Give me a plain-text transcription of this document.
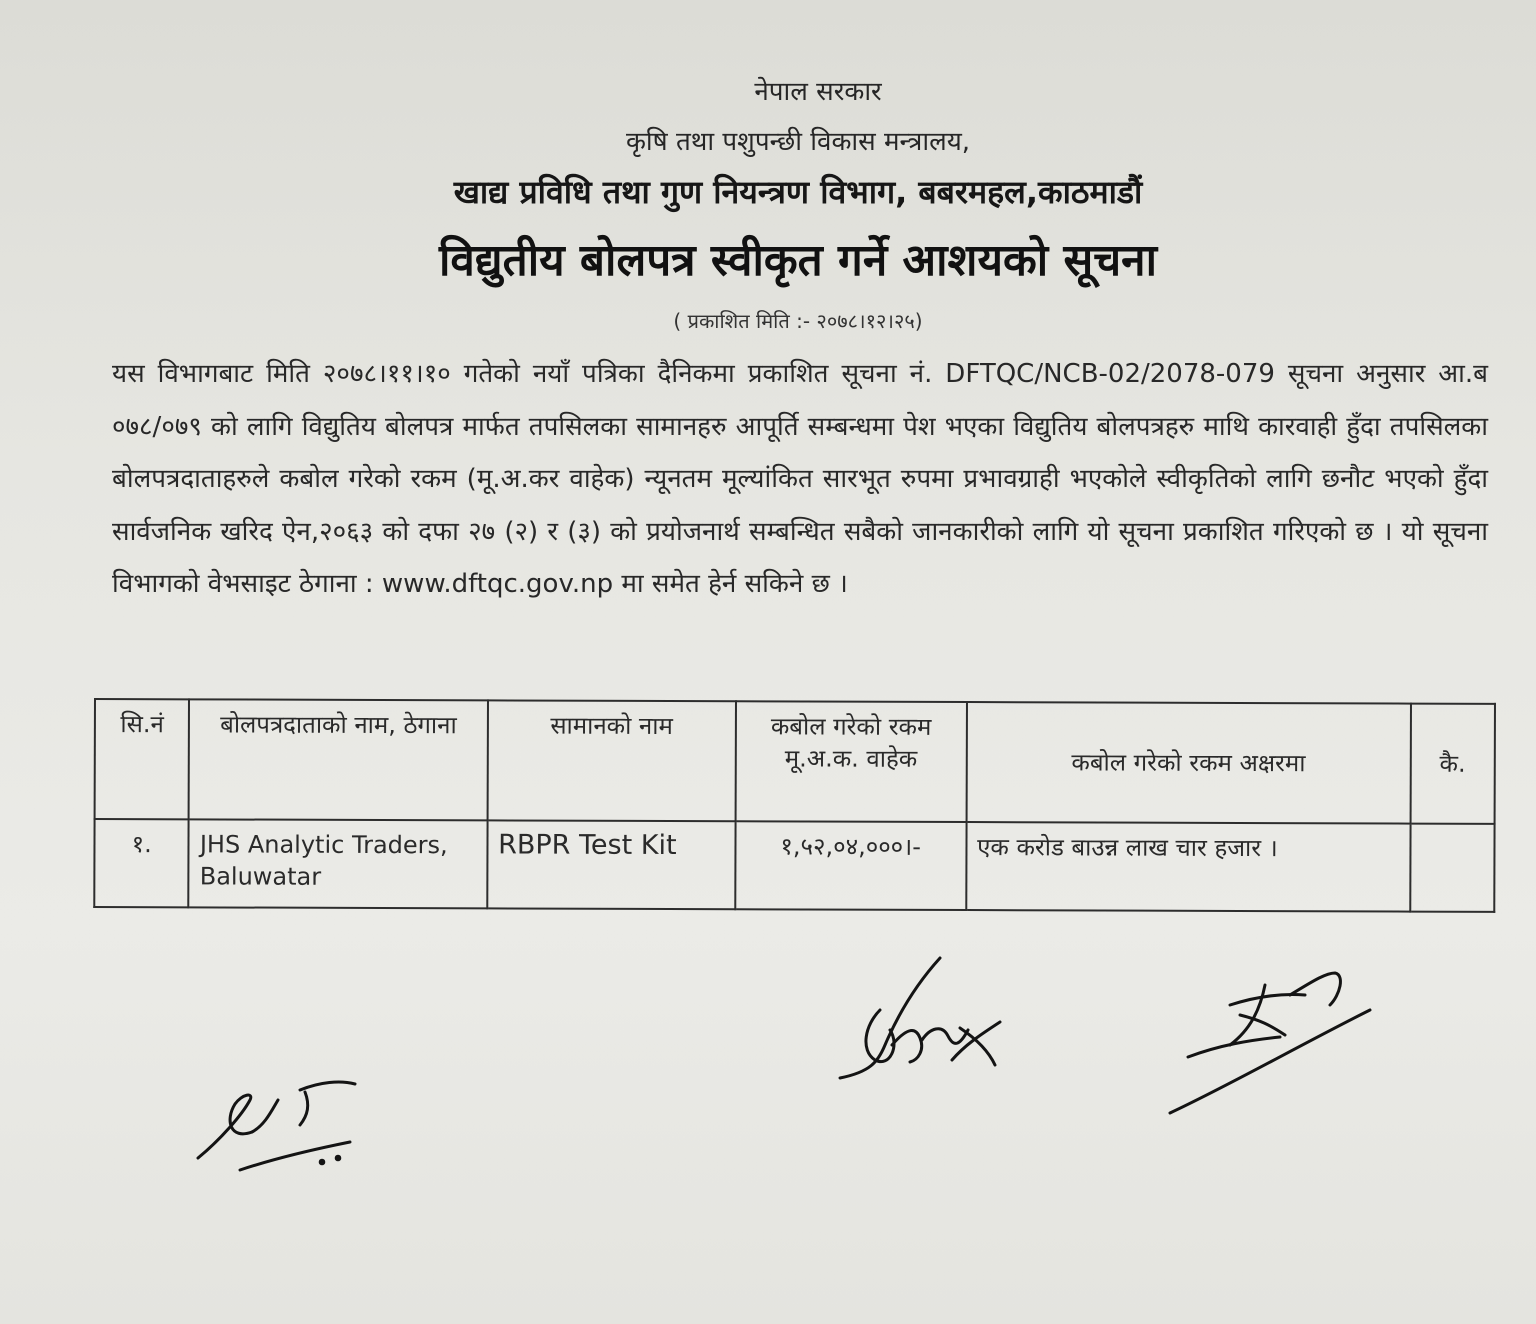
नेपाल सरकार
कृषि तथा पशुपन्छी विकास मन्त्रालय,
खाद्य प्रविधि तथा गुण नियन्त्रण विभाग, बबरमहल,काठमाडौं
विद्युतीय बोलपत्र स्वीकृत गर्ने आशयको सूचना
( प्रकाशित मिति :- २०७८।१२।२५)
यस विभागबाट मिति २०७८।११।१० गतेको नयाँ पत्रिका दैनिकमा प्रकाशित सूचना नं. DFTQC/NCB-02/2078-079 सूचना अनुसार आ.ब ०७८/०७९ को लागि विद्युतिय बोलपत्र मार्फत तपसिलका सामानहरु आपूर्ति सम्बन्धमा पेश भएका विद्युतिय बोलपत्रहरु माथि कारवाही हुँदा तपसिलका बोलपत्रदाताहरुले कबोल गरेको रकम (मू.अ.कर वाहेक) न्यूनतम मूल्यांकित सारभूत रुपमा प्रभावग्राही भएकोले स्वीकृतिको लागि छनौट भएको हुँदा सार्वजनिक खरिद ऐन,२०६३ को दफा २७ (२) र (३) को प्रयोजनार्थ सम्बन्धित सबैको जानकारीको लागि यो सूचना प्रकाशित गरिएको छ । यो सूचना विभागको वेभसाइट ठेगाना : www.dftqc.gov.np मा समेत हेर्न सकिने छ ।
सि.नं	बोलपत्रदाताको नाम, ठेगाना	सामानको नाम	कबोल गरेको रकम मू.अ.क. वाहेक	कबोल गरेको रकम अक्षरमा	कै.
१.	JHS Analytic Traders, Baluwatar	RBPR Test Kit	१,५२,०४,०००।-	एक करोड बाउन्न लाख चार हजार ।	
